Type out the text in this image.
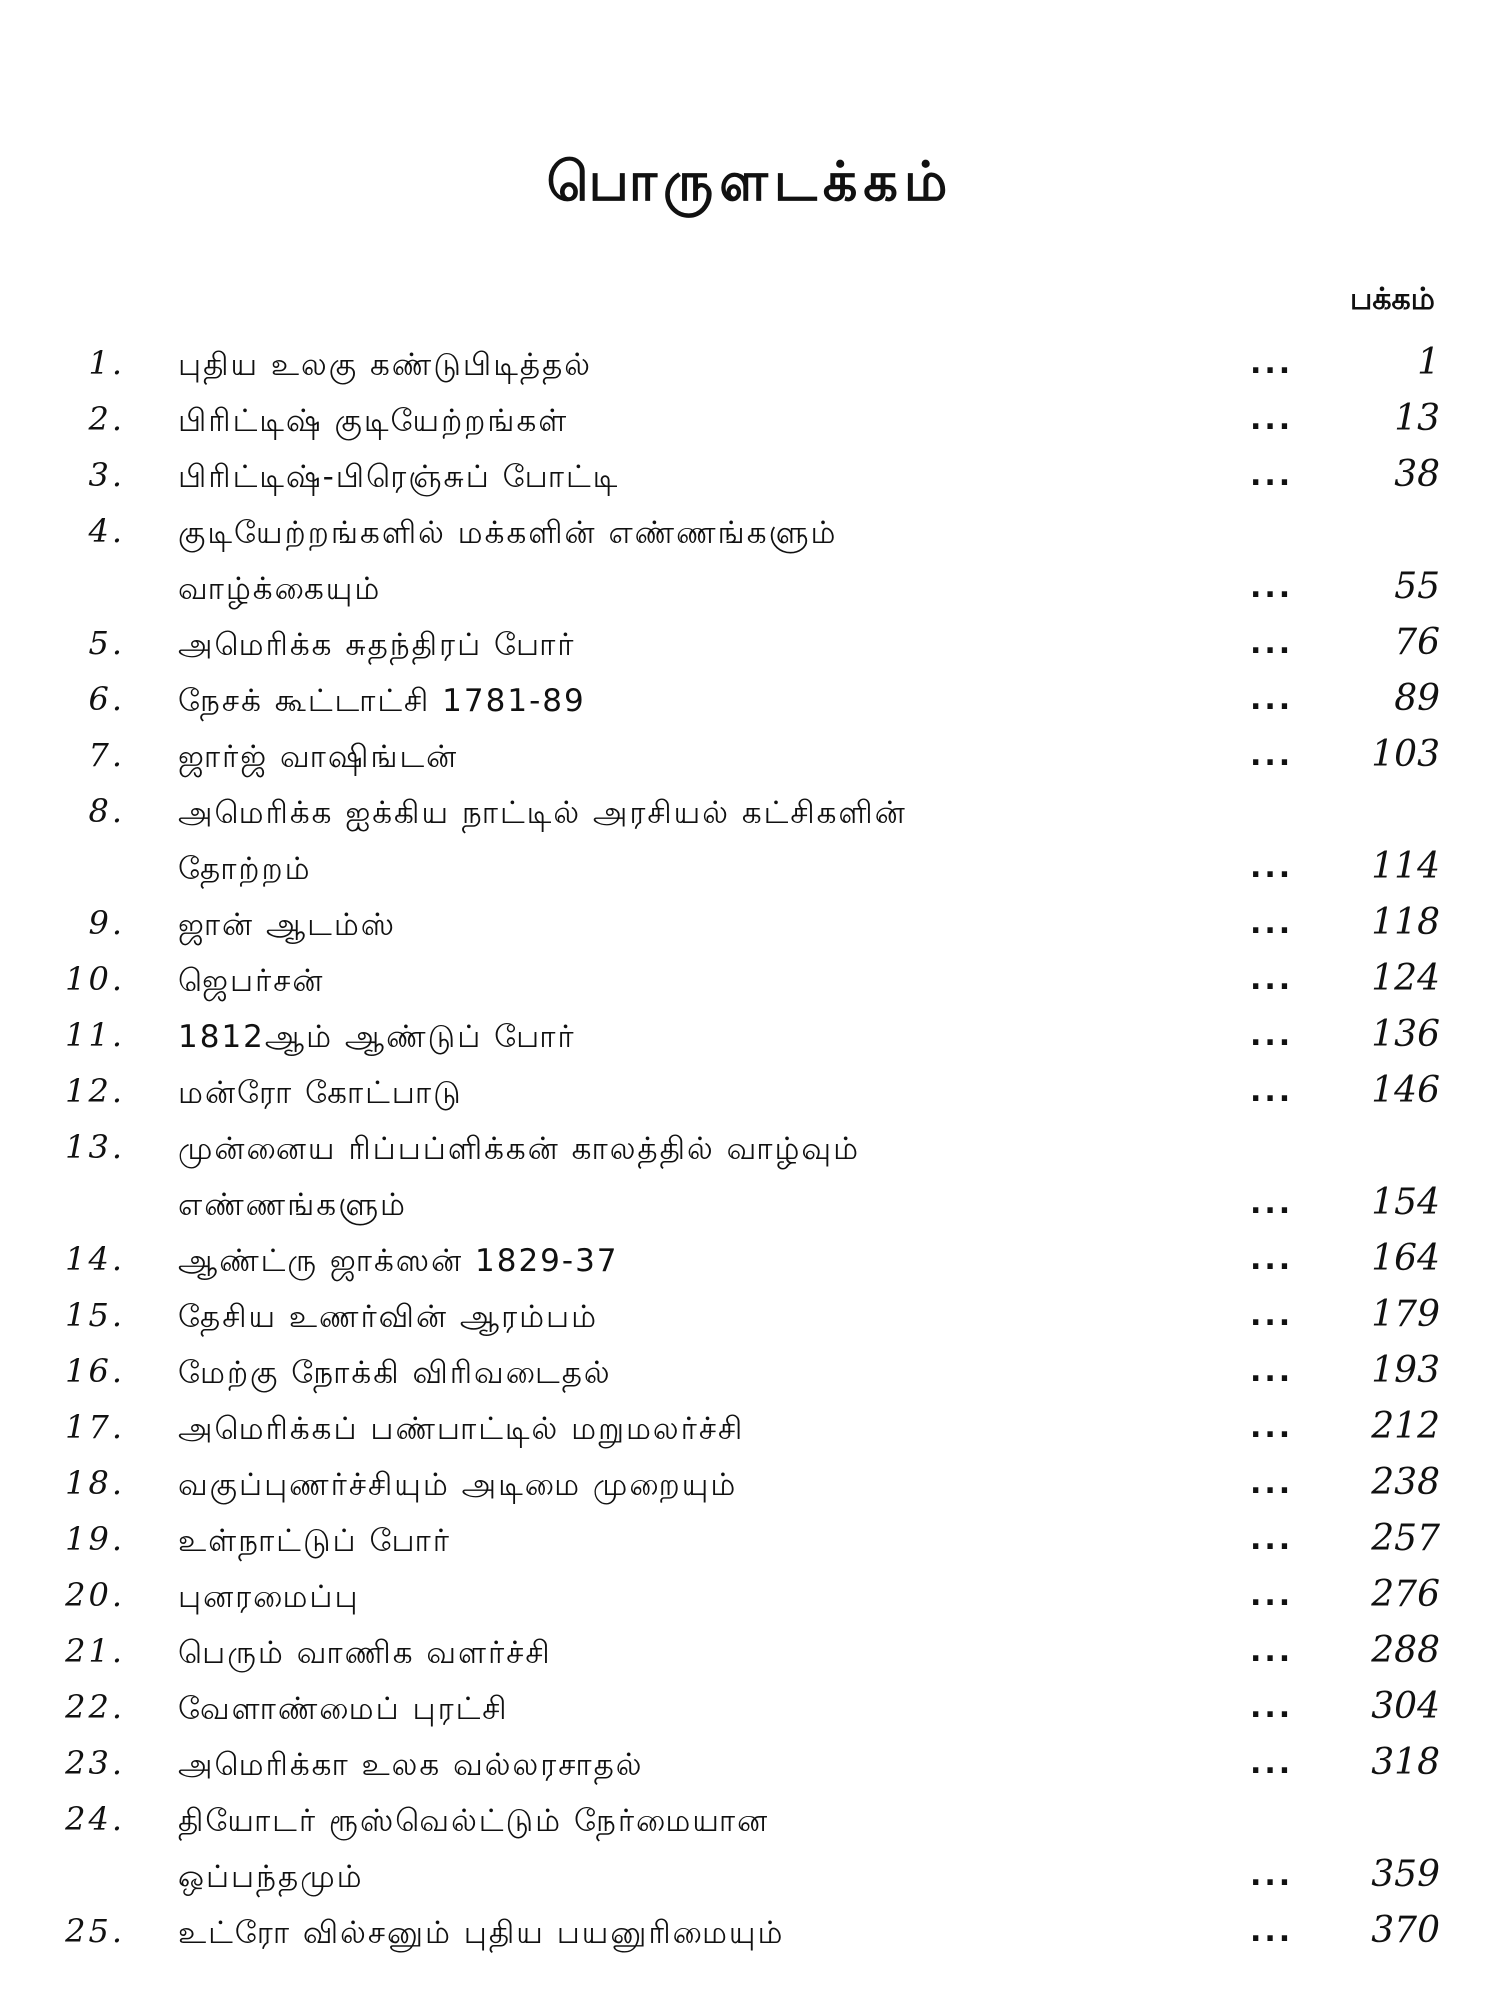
பொருளடக்கம்
பக்கம்
1. புதிய உலகு கண்டுபிடித்தல்	...	1
2. பிரிட்டிஷ் குடியேற்றங்கள்	...	13
3. பிரிட்டிஷ்-பிரெஞ்சுப் போட்டி	...	38
4. குடியேற்றங்களில் மக்களின் எண்ணங்களும்
வாழ்க்கையும்	...	55
5. அமெரிக்க சுதந்திரப் போர்	...	76
6. நேசக் கூட்டாட்சி 1781-89	...	89
7. ஜார்ஜ் வாஷிங்டன்	...	103
8. அமெரிக்க ஐக்கிய நாட்டில் அரசியல் கட்சிகளின்
தோற்றம்	...	114
9. ஜான் ஆடம்ஸ்	...	118
10. ஜெபர்சன்	...	124
11. 1812ஆம் ஆண்டுப் போர்	...	136
12. மன்ரோ கோட்பாடு	...	146
13. முன்னைய ரிப்பப்ளிக்கன் காலத்தில் வாழ்வும்
எண்ணங்களும்	...	154
14. ஆண்ட்ரு ஜாக்ஸன் 1829-37	...	164
15. தேசிய உணர்வின் ஆரம்பம்	...	179
16. மேற்கு நோக்கி விரிவடைதல்	...	193
17. அமெரிக்கப் பண்பாட்டில் மறுமலர்ச்சி	...	212
18. வகுப்புணர்ச்சியும் அடிமை முறையும்	...	238
19. உள்நாட்டுப் போர்	...	257
20. புனரமைப்பு	...	276
21. பெரும் வாணிக வளர்ச்சி	...	288
22. வேளாண்மைப் புரட்சி	...	304
23. அமெரிக்கா உலக வல்லரசாதல்	...	318
24. தியோடர் ரூஸ்வெல்ட்டும் நேர்மையான
ஒப்பந்தமும்	...	359
25. உட்ரோ வில்சனும் புதிய பயனுரிமையும்	...	370
